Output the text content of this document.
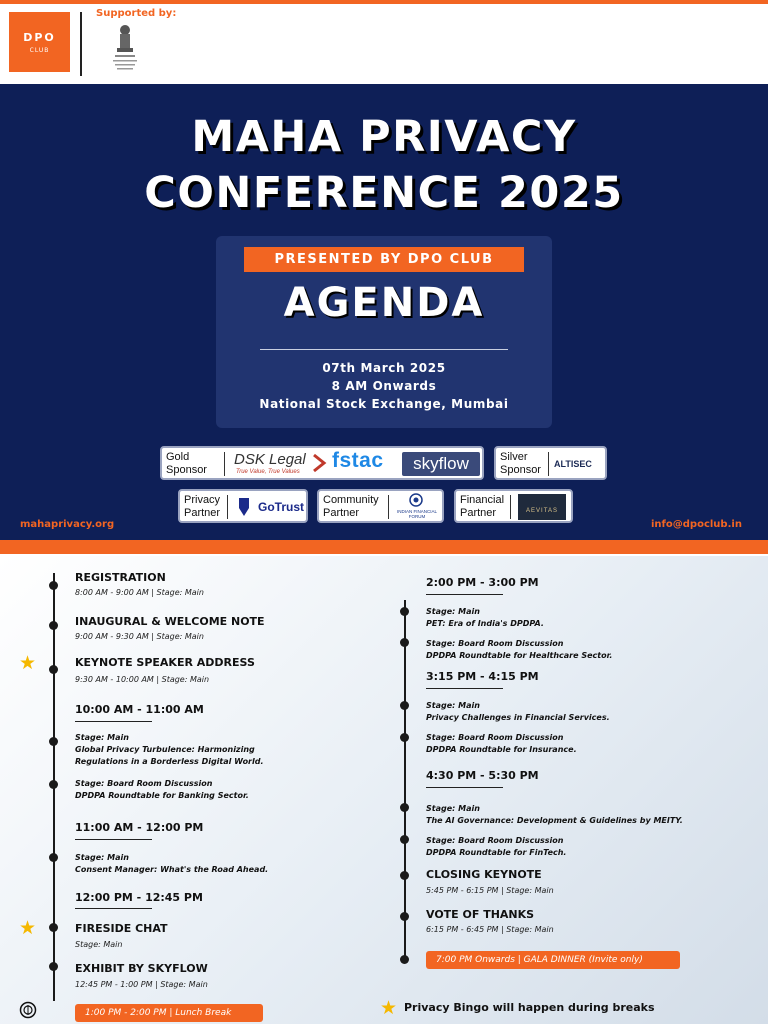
DPO
CLUB
Supported by:
MAHA PRIVACY
CONFERENCE 2025
PRESENTED BY DPO CLUB
AGENDA
07th March 2025
8 AM Onwards
National Stock Exchange, Mumbai
Gold
Sponsor
DSK Legal
True Value, True Values fstac	skyflow	Silver
Sponsor ALTISEC
Privacy
Partner	GoTrust Community
Partner	INDIAN FINANCIAL FORUM
Financial
Partner	AEVITAS
mahaprivacy.org	info@dpoclub.in
★
★
REGISTRATION
8:00 AM - 9:00 AM | Stage: Main
INAUGURAL & WELCOME NOTE
9:00 AM - 9:30 AM | Stage: Main
KEYNOTE SPEAKER ADDRESS
9:30 AM - 10:00 AM | Stage: Main
10:00 AM - 11:00 AM
Stage: Main
Global Privacy Turbulence: Harmonizing
Regulations in a Borderless Digital World.
Stage: Board Room Discussion
DPDPA Roundtable for Banking Sector.
11:00 AM - 12:00 PM
Stage: Main
Consent Manager: What's the Road Ahead.
12:00 PM - 12:45 PM
FIRESIDE CHAT
Stage: Main
EXHIBIT BY SKYFLOW
12:45 PM - 1:00 PM | Stage: Main
1:00 PM - 2:00 PM | Lunch Break
2:00 PM - 3:00 PM
Stage: Main
PET: Era of India's DPDPA.
Stage: Board Room Discussion
DPDPA Roundtable for Healthcare Sector.
3:15 PM - 4:15 PM
Stage: Main
Privacy Challenges in Financial Services.
Stage: Board Room Discussion
DPDPA Roundtable for Insurance.
4:30 PM - 5:30 PM
Stage: Main
The AI Governance: Development & Guidelines by MEITY.
Stage: Board Room Discussion
DPDPA Roundtable for FinTech.
CLOSING KEYNOTE
5:45 PM - 6:15 PM | Stage: Main
VOTE OF THANKS
6:15 PM - 6:45 PM | Stage: Main
7:00 PM Onwards | GALA DINNER (Invite only)
★ Privacy Bingo will happen during breaks
